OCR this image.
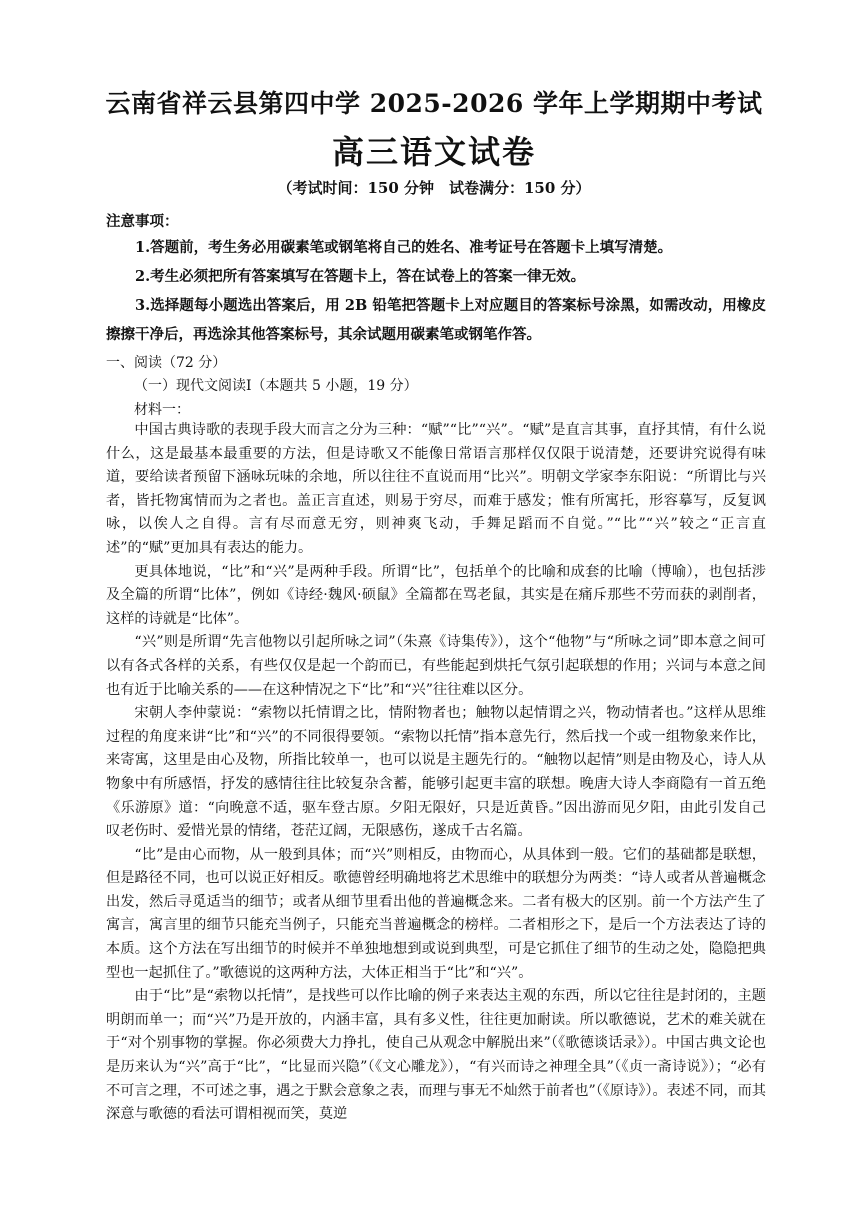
云南省祥云县第四中学 2025-2026 学年上学期期中考试
高三语文试卷
（考试时间：150 分钟　试卷满分：150 分）
注意事项：

1.答题前，考生务必用碳素笔或钢笔将自己的姓名、准考证号在答题卡上填写清楚。

2.考生必须把所有答案填写在答题卡上，答在试卷上的答案一律无效。

3.选择题每小题选出答案后，用 2B 铅笔把答题卡上对应题目的答案标号涂黑，如需改动，用橡皮擦擦干净后，再选涂其他答案标号，其余试题用碳素笔或钢笔作答。

一、阅读（72 分）
（一）现代文阅读Ⅰ（本题共 5 小题，19 分）
材料一：

中国古典诗歌的表现手段大而言之分为三种：“赋”“比”“兴”。“赋”是直言其事，直抒其情，有什么说什么，这是最基本最重要的方法，但是诗歌又不能像日常语言那样仅仅限于说清楚，还要讲究说得有味道，要给读者预留下涵咏玩味的余地，所以往往不直说而用“比兴”。明朝文学家李东阳说：“所谓比与兴者，皆托物寓情而为之者也。盖正言直述，则易于穷尽，而难于感发；惟有所寓托，形容摹写，反复讽咏，以俟人之自得。言有尽而意无穷，则神爽飞动，手舞足蹈而不自觉。”“比”“兴”较之“正言直述”的“赋”更加具有表达的能力。

更具体地说，“比”和“兴”是两种手段。所谓“比”，包括单个的比喻和成套的比喻（博喻），也包括涉及全篇的所谓“比体”，例如《诗经·魏风·硕鼠》全篇都在骂老鼠，其实是在痛斥那些不劳而获的剥削者，这样的诗就是“比体”。

“兴”则是所谓“先言他物以引起所咏之词”（朱熹《诗集传》），这个“他物”与“所咏之词”即本意之间可以有各式各样的关系，有些仅仅是起一个韵而已，有些能起到烘托气氛引起联想的作用；兴词与本意之间也有近于比喻关系的——在这种情况之下“比”和“兴”往往难以区分。

宋朝人李仲蒙说：“索物以托情谓之比，情附物者也；触物以起情谓之兴，物动情者也。”这样从思维过程的角度来讲“比”和“兴”的不同很得要领。“索物以托情”指本意先行，然后找一个或一组物象来作比，来寄寓，这里是由心及物，所指比较单一，也可以说是主题先行的。“触物以起情”则是由物及心，诗人从物象中有所感悟，抒发的感情往往比较复杂含蓄，能够引起更丰富的联想。晚唐大诗人李商隐有一首五绝《乐游原》道：“向晚意不适，驱车登古原。夕阳无限好，只是近黄昏。”因出游而见夕阳，由此引发自己叹老伤时、爱惜光景的情绪，苍茫辽阔，无限感伤，遂成千古名篇。

“比”是由心而物，从一般到具体；而“兴”则相反，由物而心，从具体到一般。它们的基础都是联想，但是路径不同，也可以说正好相反。歌德曾经明确地将艺术思维中的联想分为两类：“诗人或者从普遍概念出发，然后寻觅适当的细节；或者从细节里看出他的普遍概念来。二者有极大的区别。前一个方法产生了寓言，寓言里的细节只能充当例子，只能充当普遍概念的榜样。二者相形之下，是后一个方法表达了诗的本质。这个方法在写出细节的时候并不单独地想到或说到典型，可是它抓住了细节的生动之处，隐隐把典型也一起抓住了。”歌德说的这两种方法，大体正相当于“比”和“兴”。

由于“比”是“索物以托情”，是找些可以作比喻的例子来表达主观的东西，所以它往往是封闭的，主题明朗而单一；而“兴”乃是开放的，内涵丰富，具有多义性，往往更加耐读。所以歌德说，艺术的难关就在于“对个别事物的掌握。你必须费大力挣扎，使自己从观念中解脱出来”（《歌德谈话录》）。中国古典文论也是历来认为“兴”高于“比”，“比显而兴隐”（《文心雕龙》），“有兴而诗之神理全具”（《贞一斋诗说》）；“必有不可言之理，不可述之事，遇之于默会意象之表，而理与事无不灿然于前者也”（《原诗》）。表述不同，而其深意与歌德的看法可谓相视而笑，莫逆
